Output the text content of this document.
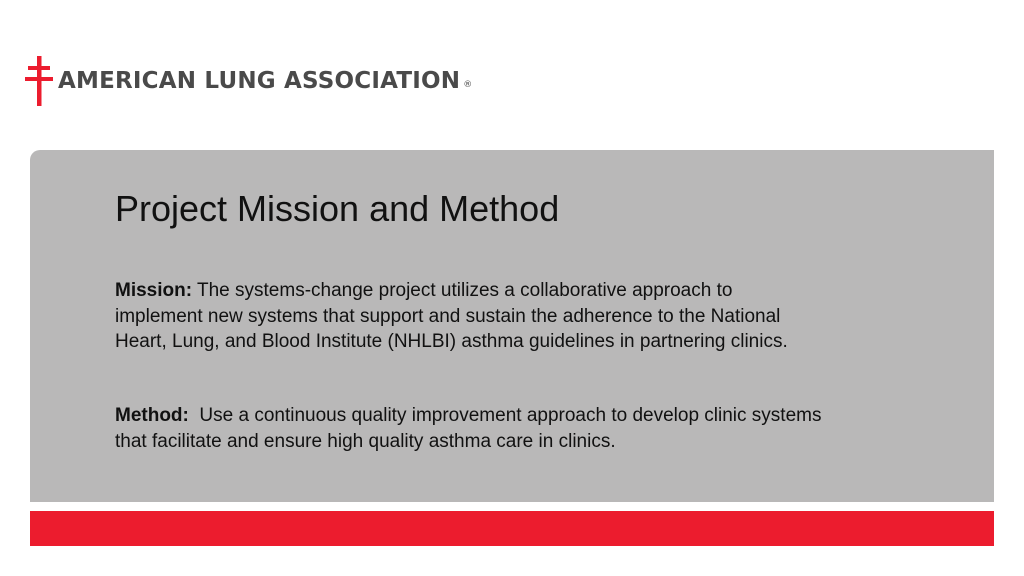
AMERICAN LUNG ASSOCIATION ®
Project Mission and Method

Mission: The systems-change project utilizes a collaborative approach to implement new systems that support and sustain the adherence to the National Heart, Lung, and Blood Institute (NHLBI) asthma guidelines in partnering clinics.

Method:  Use a continuous quality improvement approach to develop clinic systems that facilitate and ensure high quality asthma care in clinics.
